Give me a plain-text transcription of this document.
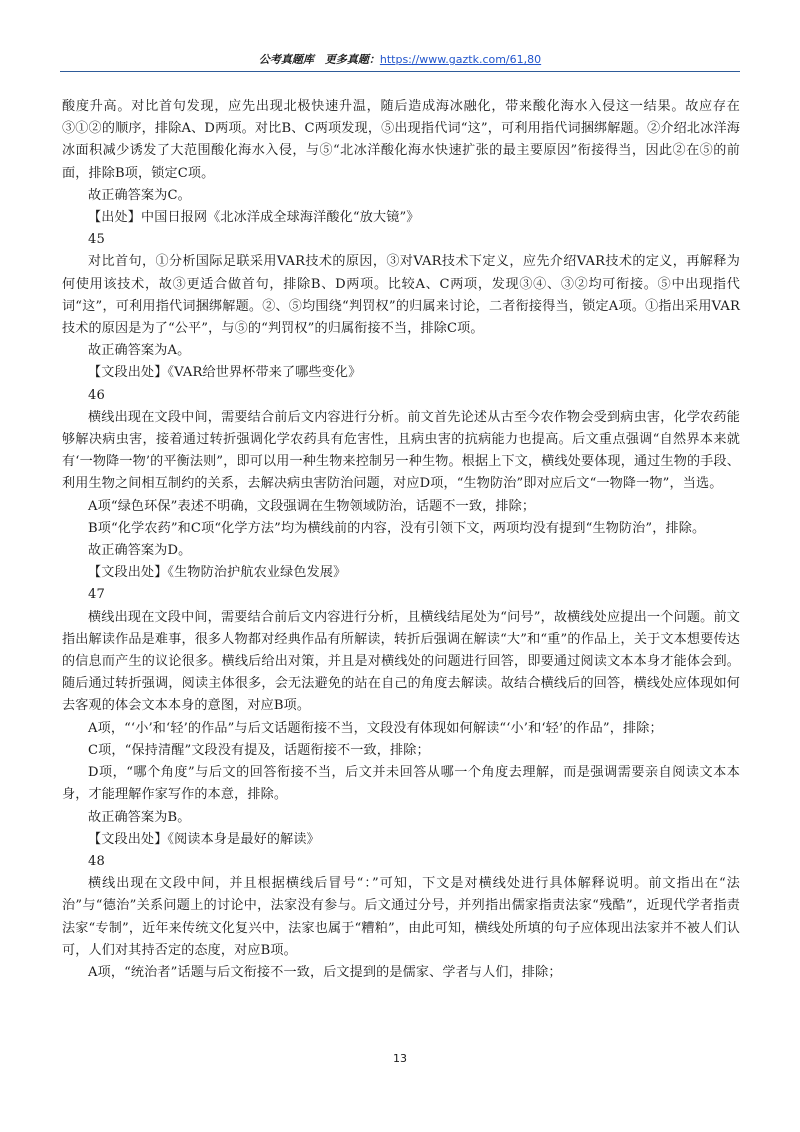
公考真题库　更多真题：https://www.gaztk.com/61,80

酸度升高。对比首句发现，应先出现北极快速升温，随后造成海冰融化，带来酸化海水入侵这一结果。故应存在③①②的顺序，排除A、D两项。对比B、C两项发现，⑤出现指代词“这”，可利用指代词捆绑解题。②介绍北冰洋海冰面积减少诱发了大范围酸化海水入侵，与⑤“北冰洋酸化海水快速扩张的最主要原因”衔接得当，因此②在⑤的前面，排除B项，锁定C项。

故正确答案为C。

【出处】中国日报网《北冰洋成全球海洋酸化“放大镜”》

45

对比首句，①分析国际足联采用VAR技术的原因，③对VAR技术下定义，应先介绍VAR技术的定义，再解释为何使用该技术，故③更适合做首句，排除B、D两项。比较A、C两项，发现③④、③②均可衔接。⑤中出现指代词“这”，可利用指代词捆绑解题。②、⑤均围绕“判罚权”的归属来讨论，二者衔接得当，锁定A项。①指出采用VAR技术的原因是为了“公平”，与⑤的“判罚权”的归属衔接不当，排除C项。

故正确答案为A。

【文段出处】《VAR给世界杯带来了哪些变化》

46

横线出现在文段中间，需要结合前后文内容进行分析。前文首先论述从古至今农作物会受到病虫害，化学农药能够解决病虫害，接着通过转折强调化学农药具有危害性，且病虫害的抗病能力也提高。后文重点强调“自然界本来就有‘一物降一物’的平衡法则”，即可以用一种生物来控制另一种生物。根据上下文，横线处要体现，通过生物的手段、利用生物之间相互制约的关系，去解决病虫害防治问题，对应D项，“生物防治”即对应后文“一物降一物”，当选。

A项“绿色环保”表述不明确，文段强调在生物领域防治，话题不一致，排除；

B项“化学农药”和C项“化学方法”均为横线前的内容，没有引领下文，两项均没有提到“生物防治”，排除。

故正确答案为D。

【文段出处】《生物防治护航农业绿色发展》

47

横线出现在文段中间，需要结合前后文内容进行分析，且横线结尾处为“问号”，故横线处应提出一个问题。前文指出解读作品是难事，很多人物都对经典作品有所解读，转折后强调在解读“大”和“重”的作品上，关于文本想要传达的信息而产生的议论很多。横线后给出对策，并且是对横线处的问题进行回答，即要通过阅读文本本身才能体会到。随后通过转折强调，阅读主体很多，会无法避免的站在自己的角度去解读。故结合横线后的回答，横线处应体现如何去客观的体会文本本身的意图，对应B项。

A项，“‘小’和‘轻’的作品”与后文话题衔接不当，文段没有体现如何解读“‘小’和‘轻’的作品”，排除；

C项，“保持清醒”文段没有提及，话题衔接不一致，排除；

D项，“哪个角度”与后文的回答衔接不当，后文并未回答从哪一个角度去理解，而是强调需要亲自阅读文本本身，才能理解作家写作的本意，排除。

故正确答案为B。

【文段出处】《阅读本身是最好的解读》

48

横线出现在文段中间，并且根据横线后冒号“：”可知，下文是对横线处进行具体解释说明。前文指出在“法治”与“德治”关系问题上的讨论中，法家没有参与。后文通过分号，并列指出儒家指责法家“残酷”，近现代学者指责法家“专制”，近年来传统文化复兴中，法家也属于“糟粕”，由此可知，横线处所填的句子应体现出法家并不被人们认可，人们对其持否定的态度，对应B项。

A项，“统治者”话题与后文衔接不一致，后文提到的是儒家、学者与人们，排除；

13
